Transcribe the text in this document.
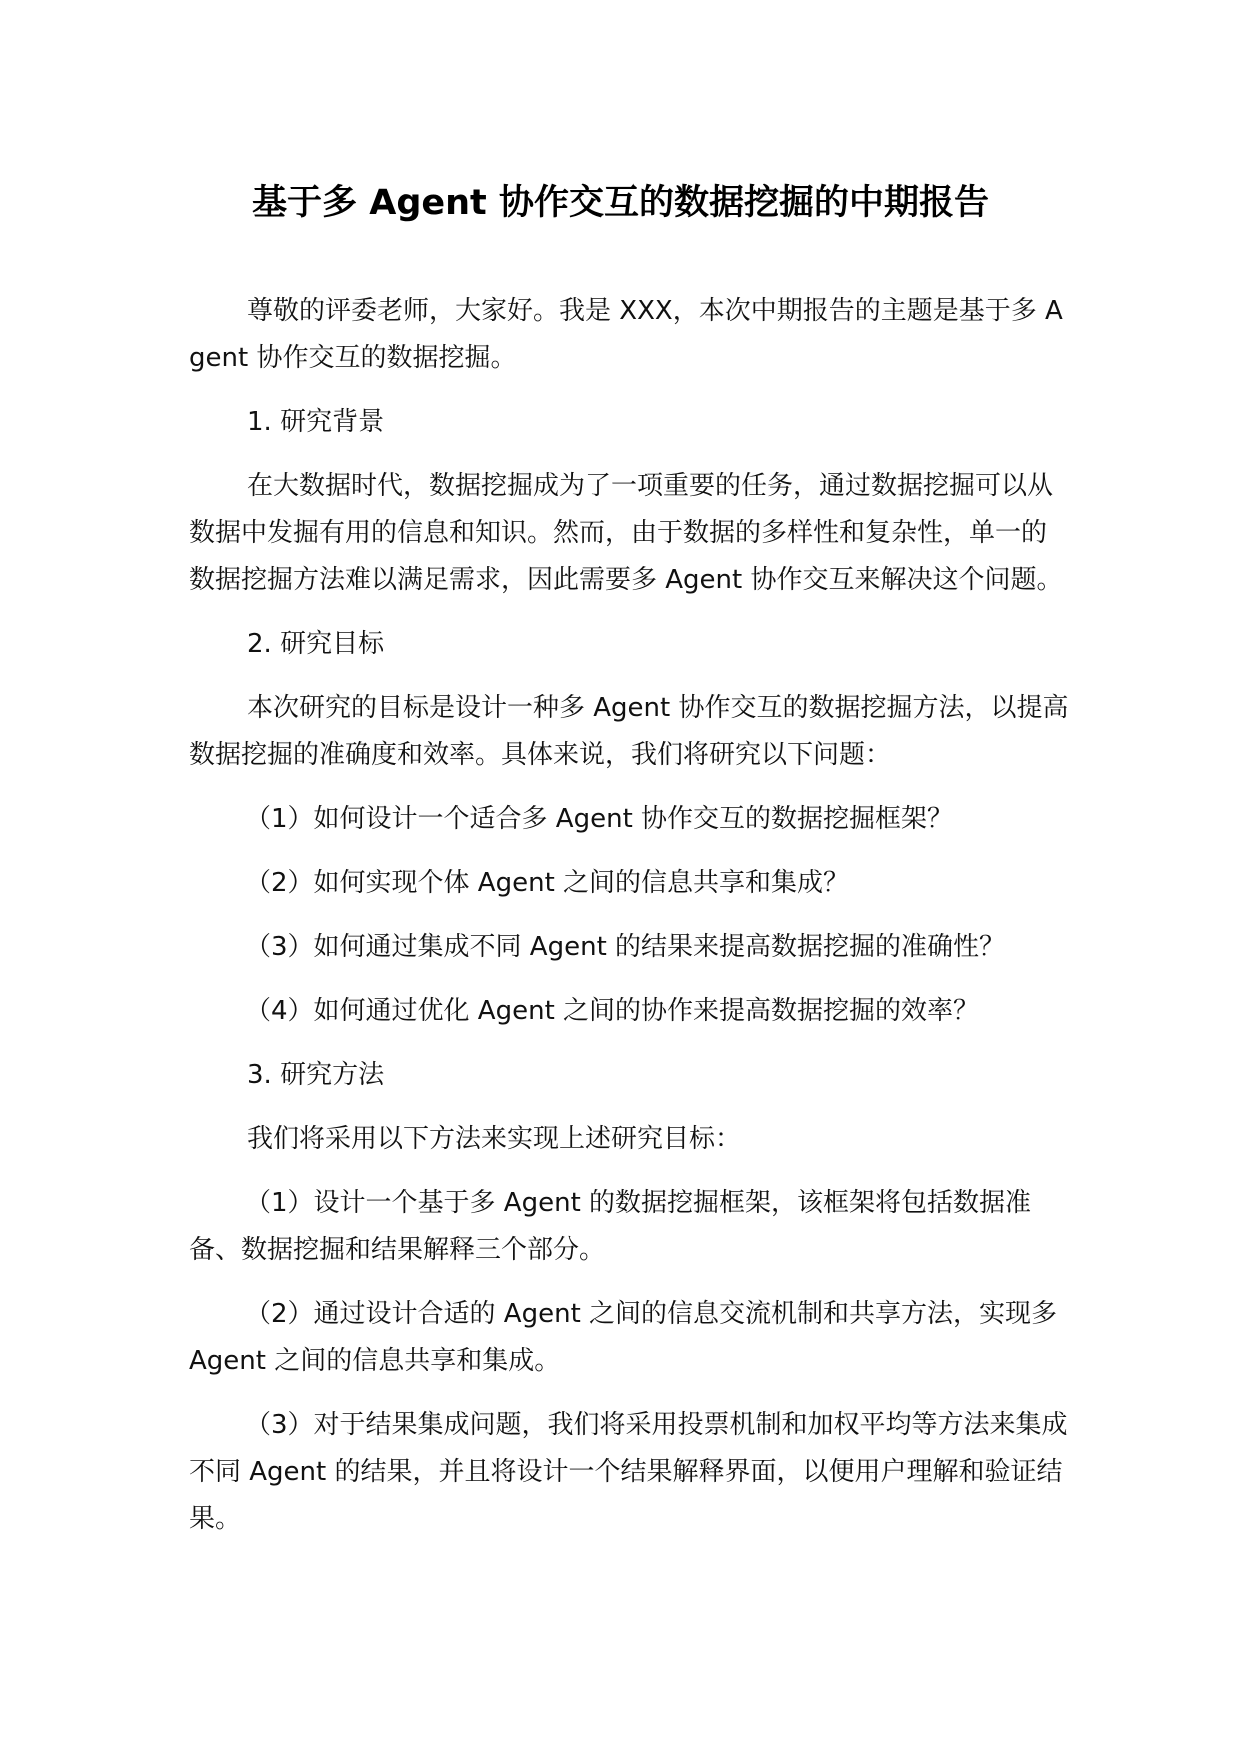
基于多 Agent 协作交互的数据挖掘的中期报告

尊敬的评委老师，大家好。我是 XXX，本次中期报告的主题是基于多 Agent 协作交互的数据挖掘。

1. 研究背景

在大数据时代，数据挖掘成为了一项重要的任务，通过数据挖掘可以从数据中发掘有用的信息和知识。然而，由于数据的多样性和复杂性，单一的数据挖掘方法难以满足需求，因此需要多 Agent 协作交互来解决这个问题。

2. 研究目标

本次研究的目标是设计一种多 Agent 协作交互的数据挖掘方法，以提高数据挖掘的准确度和效率。具体来说，我们将研究以下问题：

（1）如何设计一个适合多 Agent 协作交互的数据挖掘框架？

（2）如何实现个体 Agent 之间的信息共享和集成？

（3）如何通过集成不同 Agent 的结果来提高数据挖掘的准确性？

（4）如何通过优化 Agent 之间的协作来提高数据挖掘的效率？

3. 研究方法

我们将采用以下方法来实现上述研究目标：

（1）设计一个基于多 Agent 的数据挖掘框架，该框架将包括数据准备、数据挖掘和结果解释三个部分。

（2）通过设计合适的 Agent 之间的信息交流机制和共享方法，实现多 Agent 之间的信息共享和集成。

（3）对于结果集成问题，我们将采用投票机制和加权平均等方法来集成不同 Agent 的结果，并且将设计一个结果解释界面，以便用户理解和验证结果。
